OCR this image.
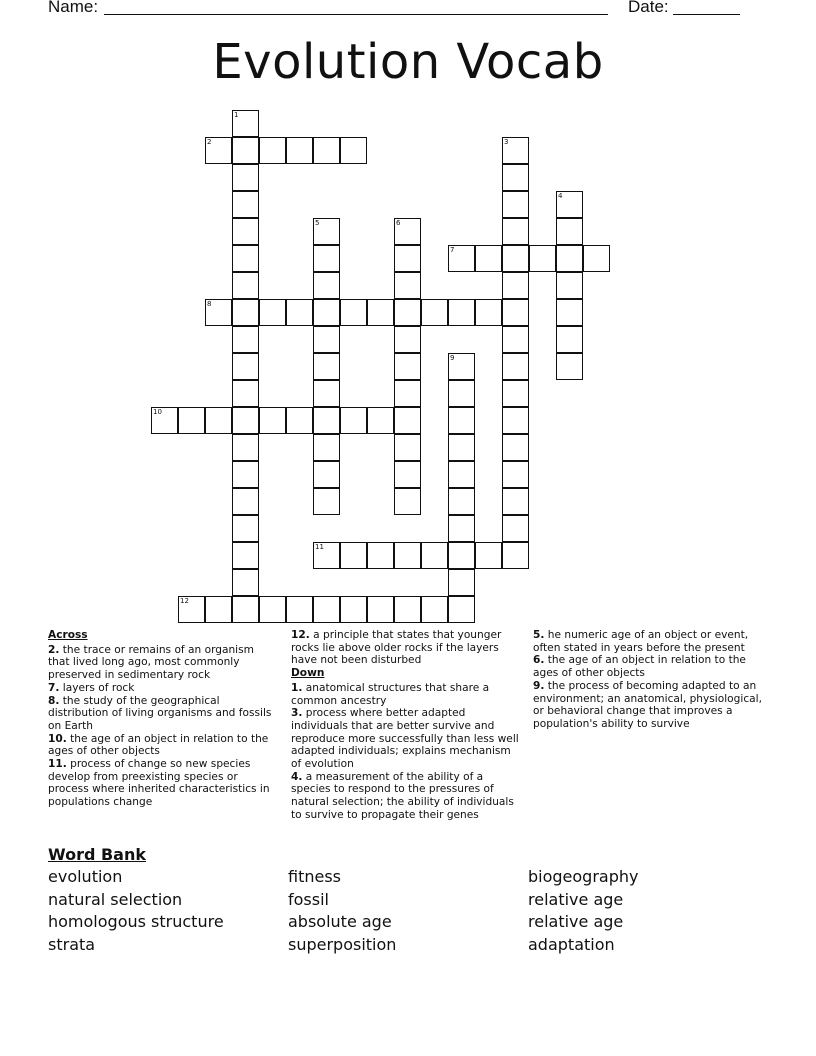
Name:	Date:
Evolution Vocab
1
2	3
4
5	6
7
8
9
10
11
12
Across
2. the trace or remains of an organism that lived long ago, most commonly preserved in sedimentary rock
7. layers of rock
8. the study of the geographical distribution of living organisms and fossils on Earth
10. the age of an object in relation to the ages of other objects
11. process of change so new species develop from preexisting species or process where inherited characteristics in populations change
12. a principle that states that younger rocks lie above older rocks if the layers have not been disturbed
Down
1. anatomical structures that share a common ancestry
3. process where better adapted individuals that are better survive and reproduce more successfully than less well adapted individuals; explains mechanism of evolution
4. a measurement of the ability of a species to respond to the pressures of natural selection; the ability of individuals to survive to propagate their genes
5. he numeric age of an object or event, often stated in years before the present
6. the age of an object in relation to the ages of other objects
9. the process of becoming adapted to an environment; an anatomical, physiological, or behavioral change that improves a population's ability to survive
Word Bank
evolution	fitness	biogeography
natural selection	fossil	relative age
homologous structure	absolute age	relative age
strata	superposition	adaptation
